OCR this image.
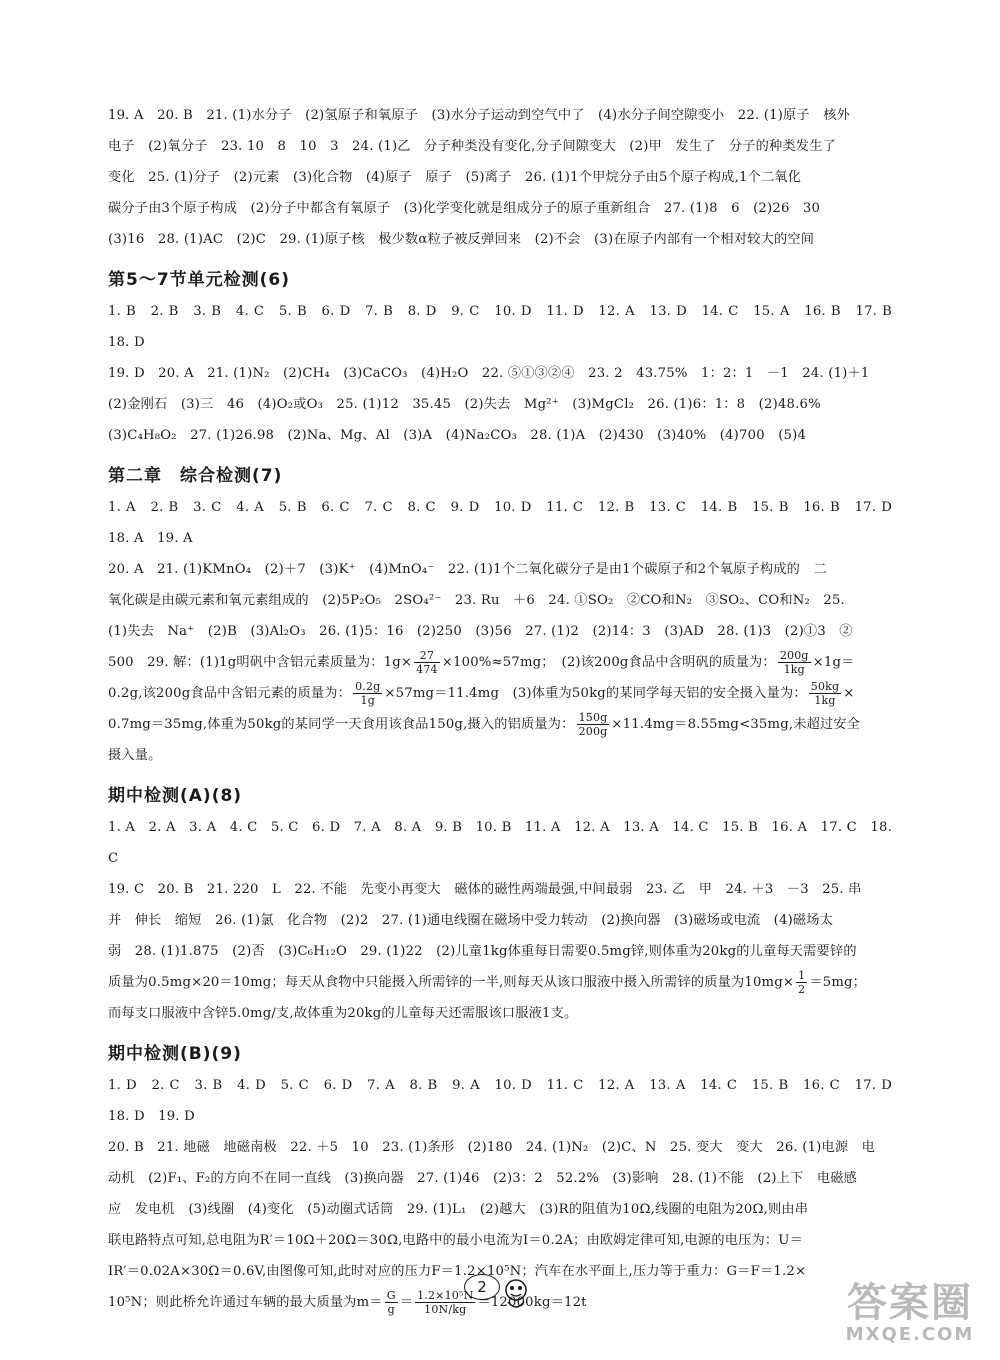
19. A　20. B　21. (1)水分子　(2)氢原子和氧原子　(3)水分子运动到空气中了　(4)水分子间空隙变小　22. (1)原子　核外

电子　(2)氧分子　23. 10　8　10　3　24. (1)乙　分子种类没有变化,分子间隙变大　(2)甲　发生了　分子的种类发生了

变化　25. (1)分子　(2)元素　(3)化合物　(4)原子　原子　(5)离子　26. (1)1个甲烷分子由5个原子构成,1个二氧化

碳分子由3个原子构成　(2)分子中都含有氧原子　(3)化学变化就是组成分子的原子重新组合　27. (1)8　6　(2)26　30

(3)16　28. (1)AC　(2)C　29. (1)原子核　极少数α粒子被反弹回来　(2)不会　(3)在原子内部有一个相对较大的空间

第5～7节单元检测(6)

1. B　2. B　3. B　4. C　5. B　6. D　7. B　8. D　9. C　10. D　11. D　12. A　13. D　14. C　15. A　16. B　17. B　18. D

19. D　20. A　21. (1)N₂　(2)CH₄　(3)CaCO₃　(4)H₂O　22. ⑤①③②④　23. 2　43.75%　1：2：1　－1　24. (1)＋1

(2)金刚石　(3)三　46　(4)O₂或O₃　25. (1)12　35.45　(2)失去　Mg²⁺　(3)MgCl₂　26. (1)6：1：8　(2)48.6%

(3)C₄H₈O₂　27. (1)26.98　(2)Na、Mg、Al　(3)A　(4)Na₂CO₃　28. (1)A　(2)430　(3)40%　(4)700　(5)4

第二章　综合检测(7)

1. A　2. B　3. C　4. A　5. B　6. C　7. C　8. C　9. D　10. D　11. C　12. B　13. C　14. B　15. B　16. B　17. D　18. A　19. A

20. A　21. (1)KMnO₄　(2)＋7　(3)K⁺　(4)MnO₄⁻　22. (1)1个二氧化碳分子是由1个碳原子和2个氧原子构成的　二

氧化碳是由碳元素和氧元素组成的　(2)5P₂O₅　2SO₄²⁻　23. Ru　＋6　24. ①SO₂　②CO和N₂　③SO₂、CO和N₂　25.

(1)失去　Na⁺　(2)B　(3)Al₂O₃　26. (1)5：16　(2)250　(3)56　27. (1)2　(2)14：3　(3)AD　28. (1)3　(2)①3　②

500　29. 解：(1)1g明矾中含铝元素质量为：$1g\times \frac{27}{474} \times 100\%\approx 57mg$；　(2)该200g食品中含明矾的质量为： $\frac{200g}{1kg} \times 1g=$

0.2g,该200g食品中含铝元素的质量为： $\frac{0.2g}{1g} \times 57mg=11.4mg$　(3)体重为50kg的某同学每天铝的安全摄入量为： $\frac{50kg}{1kg}$ ×

0.7mg＝35mg,体重为50kg的某同学一天食用该食品150g,摄入的铝质量为： $\frac{150g}{200g} \times 11.4mg=8.55mg<35mg$,未超过安全

摄入量。

期中检测(A)(8)

1. A　2. A　3. A　4. C　5. C　6. D　7. A　8. A　9. B　10. B　11. A　12. A　13. A　14. C　15. B　16. A　17. C　18. C

19. C　20. B　21. 220　L　22. 不能　先变小再变大　磁体的磁性两端最强,中间最弱　23. 乙　甲　24. ＋3　－3　25. 串

并　伸长　缩短　26. (1)氯　化合物　(2)2　27. (1)通电线圈在磁场中受力转动　(2)换向器　(3)磁场或电流　(4)磁场太

弱　28. (1)1.875　(2)否　(3)C₆H₁₂O　29. (1)22　(2)儿童1kg体重每日需要0.5mg锌,则体重为20kg的儿童每天需要锌的

质量为0.5mg×20＝10mg；每天从食物中只能摄入所需锌的一半,则每天从该口服液中摄入所需锌的质量为$10mg\times \frac{1}{2} =5mg$；

而每支口服液中含锌5.0mg/支,故体重为20kg的儿童每天还需服该口服液1支。

期中检测(B)(9)

1. D　2. C　3. B　4. D　5. C　6. D　7. A　8. B　9. A　10. D　11. C　12. A　13. A　14. C　15. B　16. C　17. D　18. D　19. D

20. B　21. 地磁　地磁南极　22. ＋5　10　23. (1)条形　(2)180　24. (1)N₂　(2)C、N　25. 变大　变大　26. (1)电源　电

动机　(2)F₁、F₂的方向不在同一直线　(3)换向器　27. (1)46　(2)3：2　52.2%　(3)影响　28. (1)不能　(2)上下　电磁感

应　发电机　(3)线圈　(4)变化　(5)动圈式话筒　29. (1)L₁　(2)越大　(3)R的阻值为10Ω,线圈的电阻为20Ω,则由串

联电路特点可知,总电阻为R′＝10Ω＋20Ω＝30Ω,电路中的最小电流为I＝0.2A；由欧姆定律可知,电源的电压为：U＝

IR′＝0.02A×30Ω＝0.6V,由图像可知,此时对应的压力F＝1.2×10⁵N；汽车在水平面上,压力等于重力：G＝F＝1.2×

10⁵N；则此桥允许通过车辆的最大质量为$m= \frac{G}{g} = \frac{\text{1.2×10⁵N}}{10N/kg} =12000kg=12t$

2	答案圈
MXQE.COM
